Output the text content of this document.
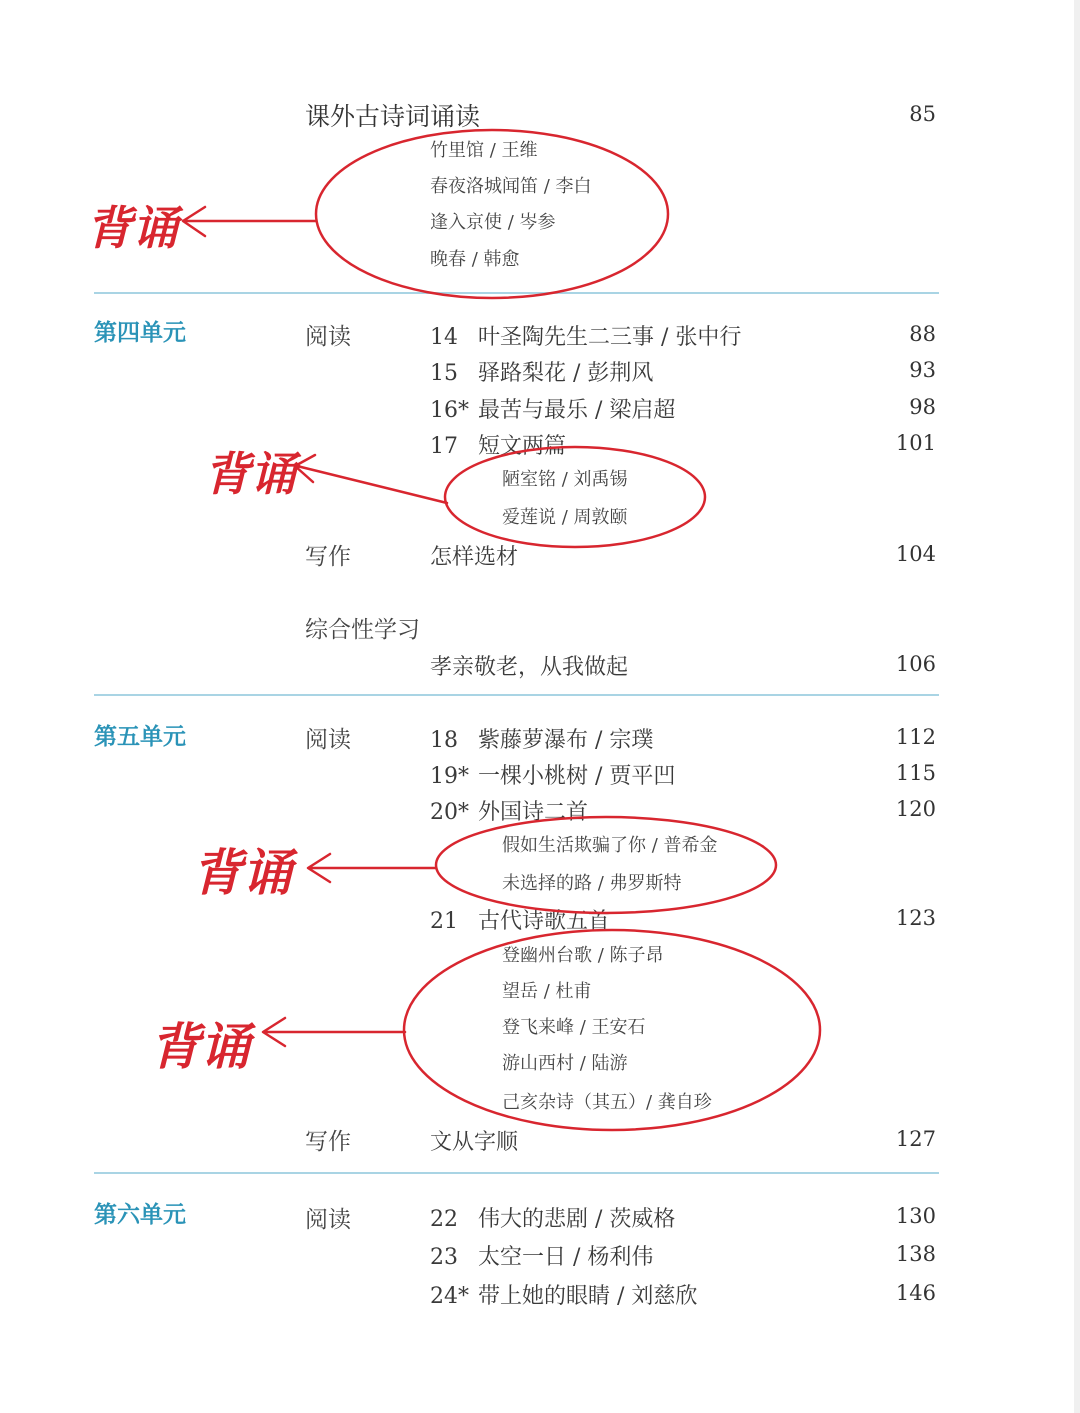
课外古诗词诵读	85
竹里馆 / 王维
春夜洛城闻笛 / 李白
逢入京使 / 岑参
晚春 / 韩愈
第四单元	阅读	14 叶圣陶先生二三事 / 张中行	88
15 驿路梨花 / 彭荆风	93
16* 最苦与最乐 / 梁启超	98
17 短文两篇	101
陋室铭 / 刘禹锡
爱莲说 / 周敦颐
写作	怎样选材	104
综合性学习
孝亲敬老，从我做起	106
第五单元	阅读	18 紫藤萝瀑布 / 宗璞	112
19* 一棵小桃树 / 贾平凹	115
20* 外国诗二首	120
假如生活欺骗了你 / 普希金
未选择的路 / 弗罗斯特
21 古代诗歌五首	123
登幽州台歌 / 陈子昂
望岳 / 杜甫
登飞来峰 / 王安石
游山西村 / 陆游
己亥杂诗（其五）/ 龚自珍
写作	文从字顺	127
第六单元	阅读	22 伟大的悲剧 / 茨威格	130
23 太空一日 / 杨利伟	138
24* 带上她的眼睛 / 刘慈欣	146
背诵
背诵
背诵
背诵
